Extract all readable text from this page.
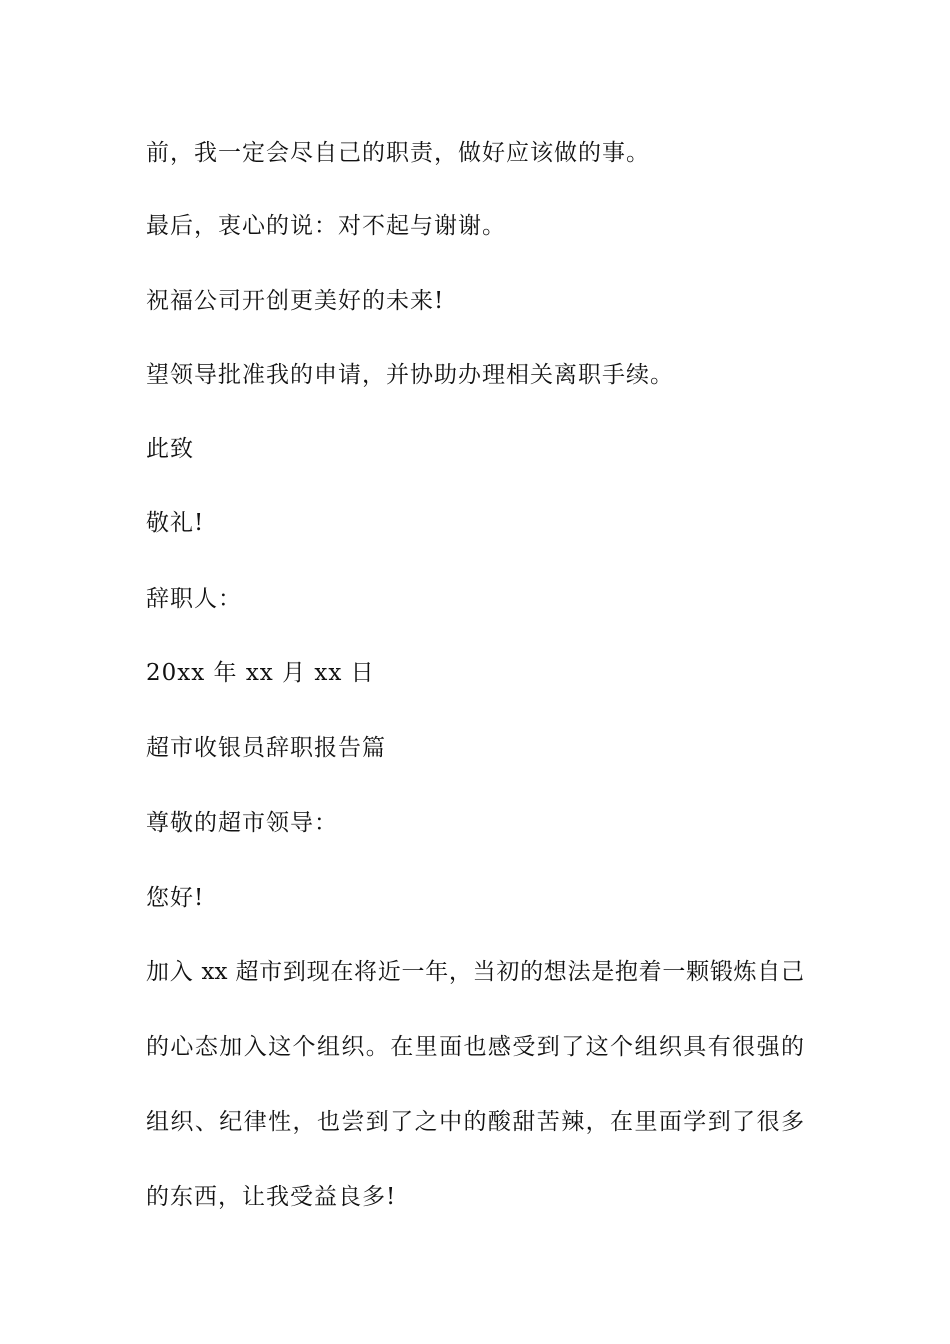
前，我一定会尽自己的职责，做好应该做的事。
最后，衷心的说：对不起与谢谢。
祝福公司开创更美好的未来!
望领导批准我的申请，并协助办理相关离职手续。
此致
敬礼!
辞职人：
20xx 年 xx 月 xx 日
超市收银员辞职报告篇
尊敬的超市领导：
您好!
加入 xx 超市到现在将近一年，当初的想法是抱着一颗锻炼自己
的心态加入这个组织。在里面也感受到了这个组织具有很强的
组织、纪律性，也尝到了之中的酸甜苦辣，在里面学到了很多
的东西，让我受益良多!
